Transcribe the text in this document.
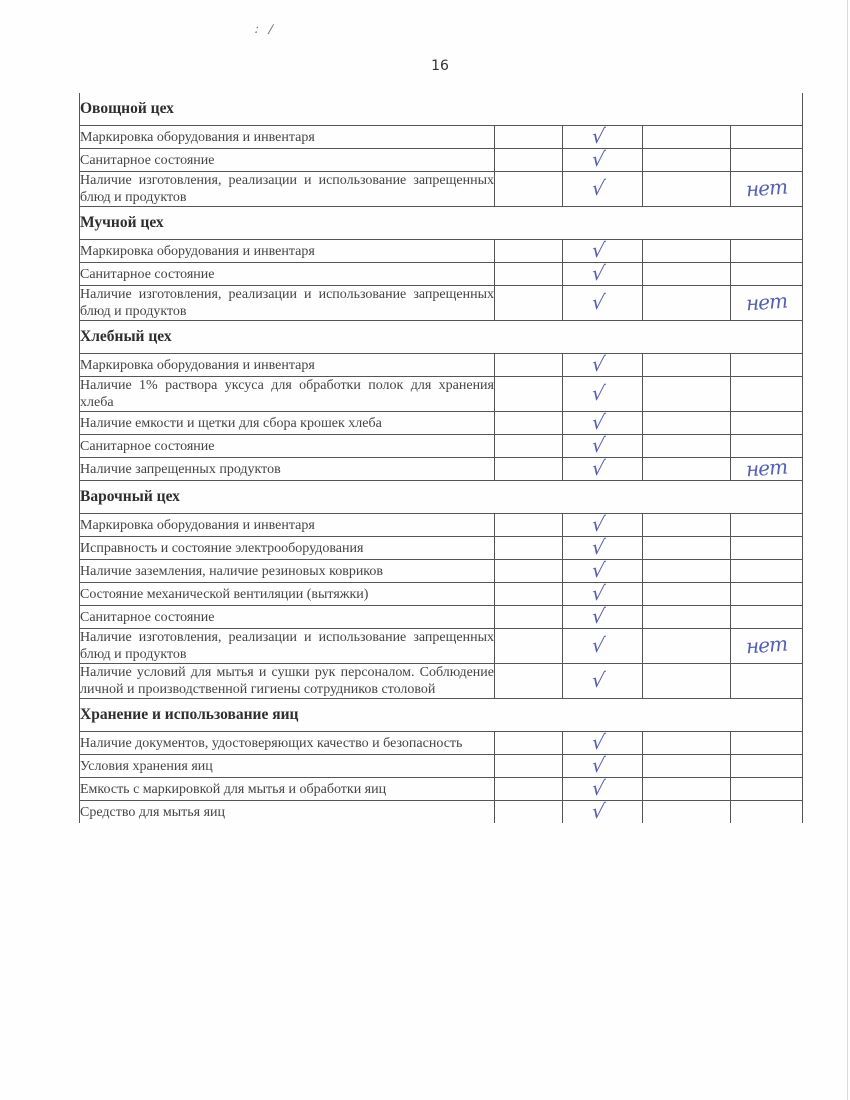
: /
16
Овощной цех				

Маркировка оборудования и инвентаря		√		

Санитарное состояние		√		

Наличие изготовления, реализации и использование запрещенных блюд и продуктов		√		нет
Мучной цех				

Маркировка оборудования и инвентаря		√		

Санитарное состояние		√		

Наличие изготовления, реализации и использование запрещенных блюд и продуктов		√		нет
Хлебный цех				

Маркировка оборудования и инвентаря		√		

Наличие 1% раствора уксуса для обработки полок для хранения хлеба		√		

Наличие емкости и щетки для сбора крошек хлеба		√		

Санитарное состояние		√		

Наличие запрещенных продуктов		√		нет
Варочный цех				

Маркировка оборудования и инвентаря		√		

Исправность и состояние электрооборудования		√		

Наличие заземления, наличие резиновых ковриков		√		

Состояние механической вентиляции (вытяжки)		√		

Санитарное состояние		√		

Наличие изготовления, реализации и использование запрещенных блюд и продуктов		√		нет

Наличие условий для мытья и сушки рук персоналом. Соблюдение личной и производственной гигиены сотрудников столовой		√		
Хранение и использование яиц				

Наличие документов, удостоверяющих качество и безопасность		√		

Условия хранения яиц		√		

Емкость с маркировкой для мытья и обработки яиц		√		

Средство для мытья яиц		√		
